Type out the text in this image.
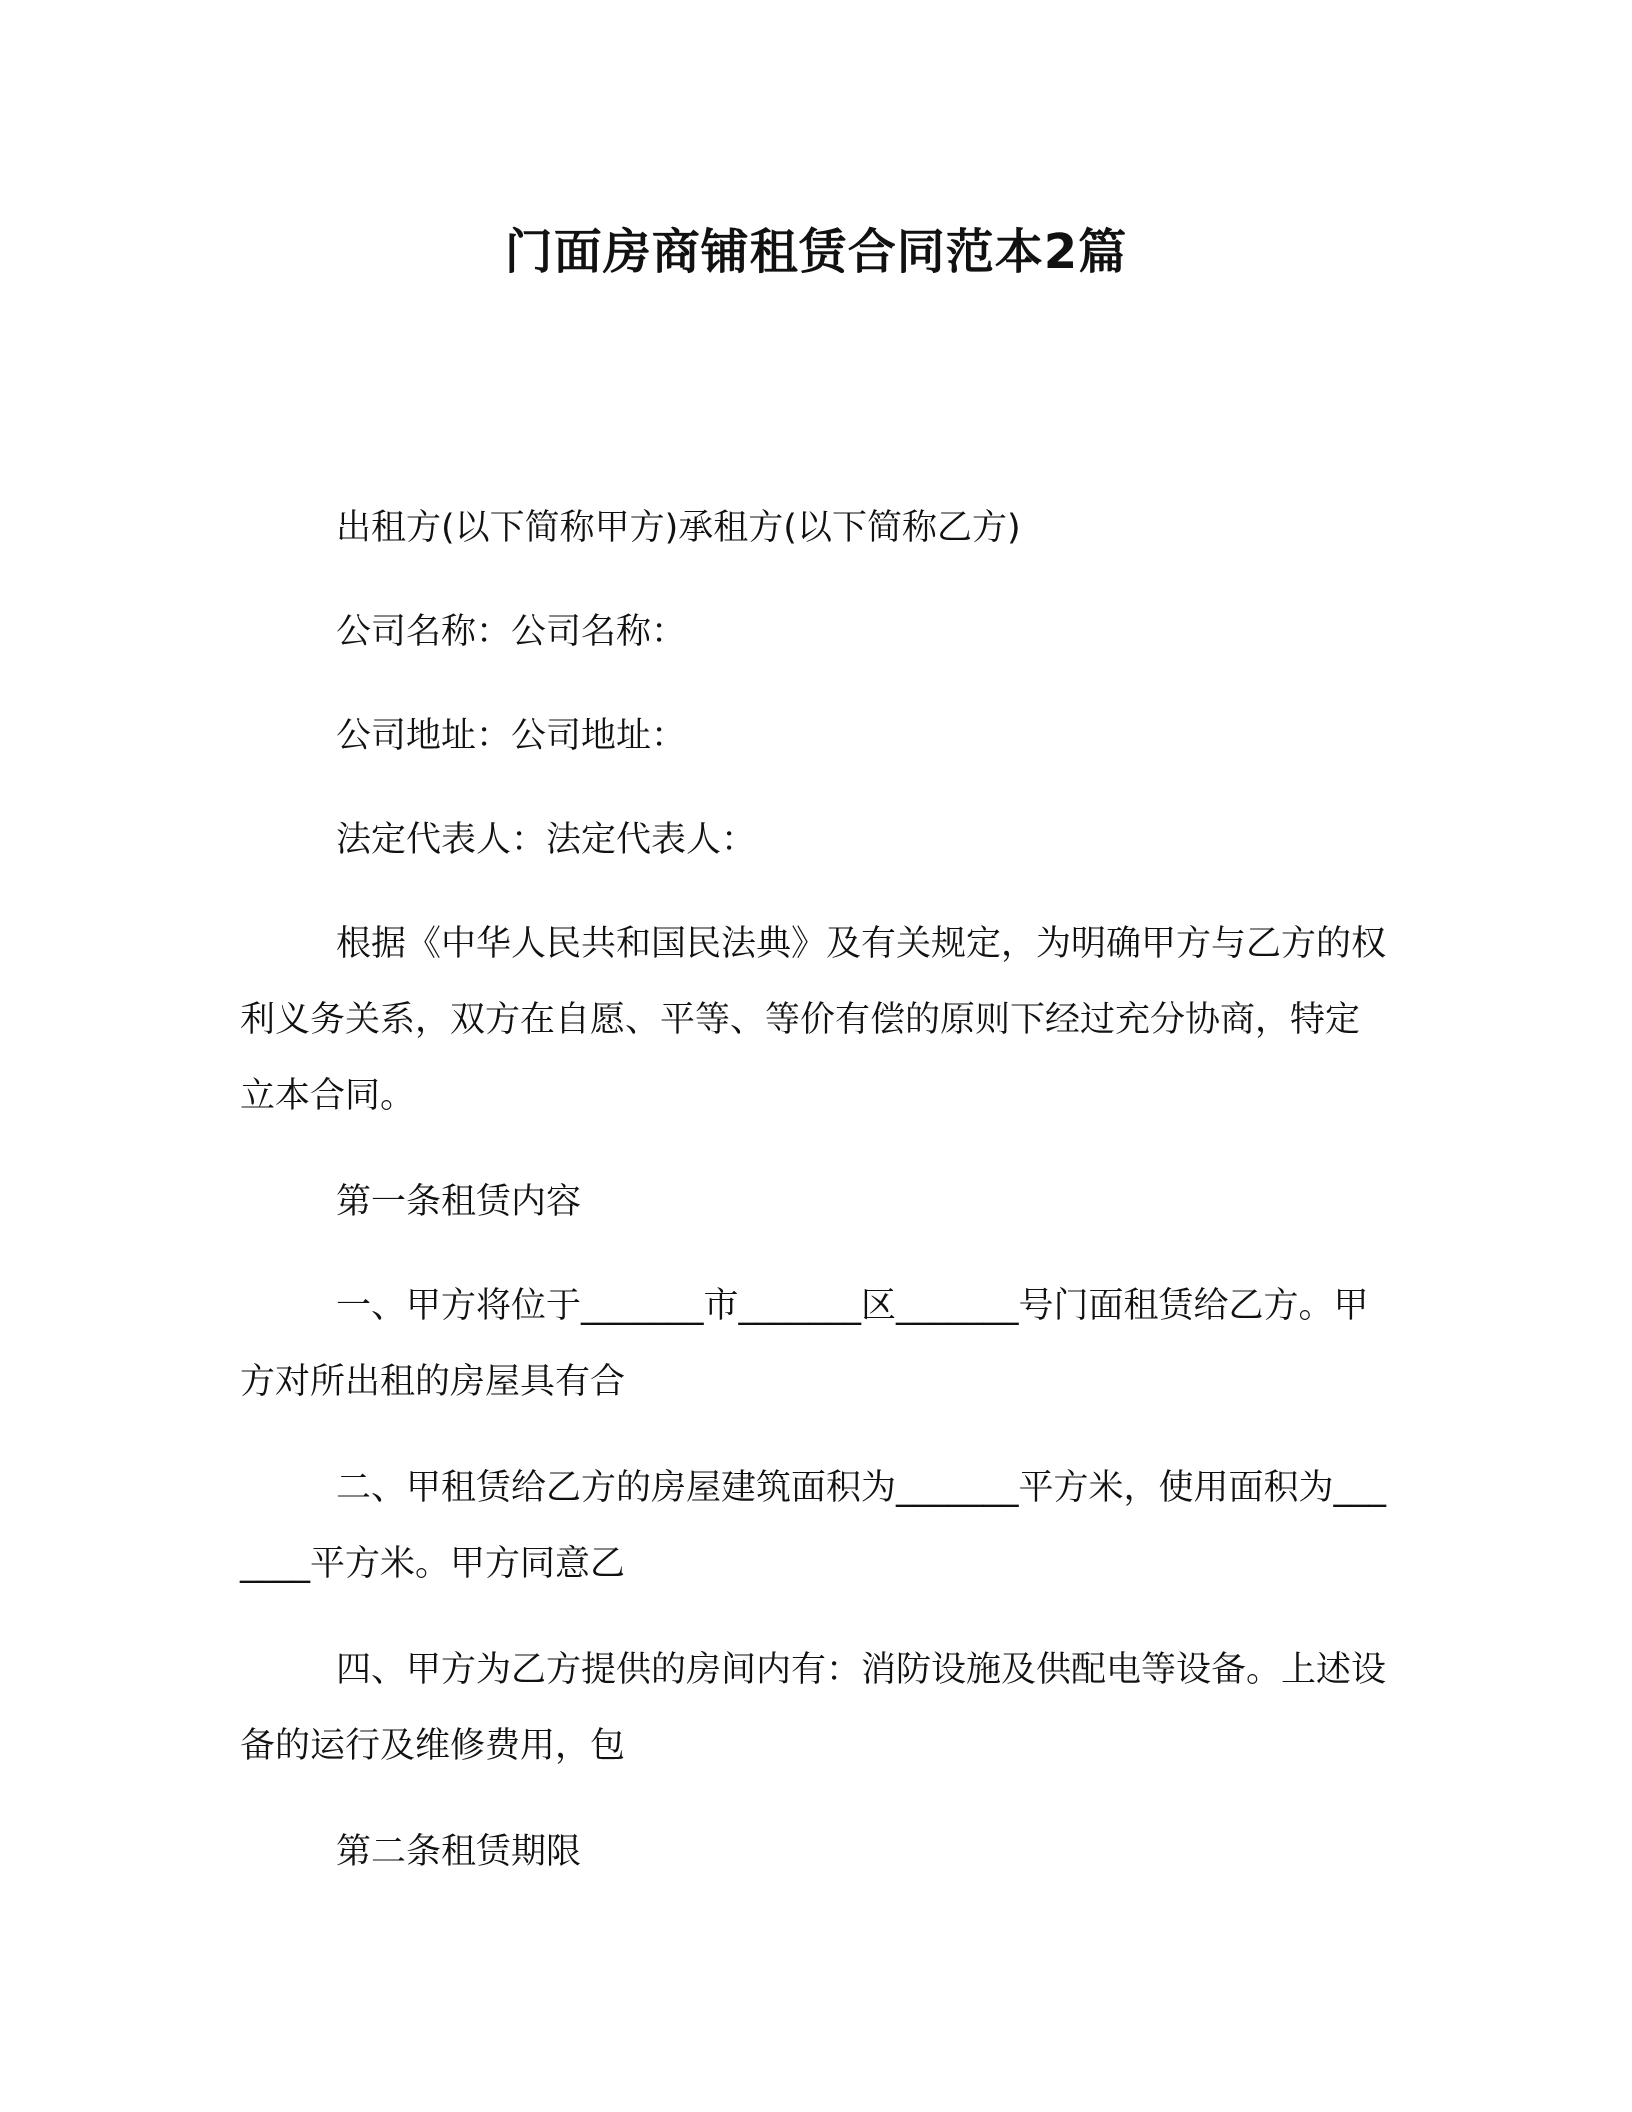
门面房商铺租赁合同范本2篇

出租方(以下简称甲方)承租方(以下简称乙方)

公司名称：公司名称：

公司地址：公司地址：

法定代表人：法定代表人：

根据《中华人民共和国民法典》及有关规定，为明确甲方与乙方的权利义务关系，双方在自愿、平等、等价有偿的原则下经过充分协商，特定立本合同。

第一条租赁内容

一、甲方将位于_______市_______区_______号门面租赁给乙方。甲方对所出租的房屋具有合

二、甲租赁给乙方的房屋建筑面积为_______平方米，使用面积为_______平方米。甲方同意乙

四、甲方为乙方提供的房间内有：消防设施及供配电等设备。上述设备的运行及维修费用，包

第二条租赁期限
